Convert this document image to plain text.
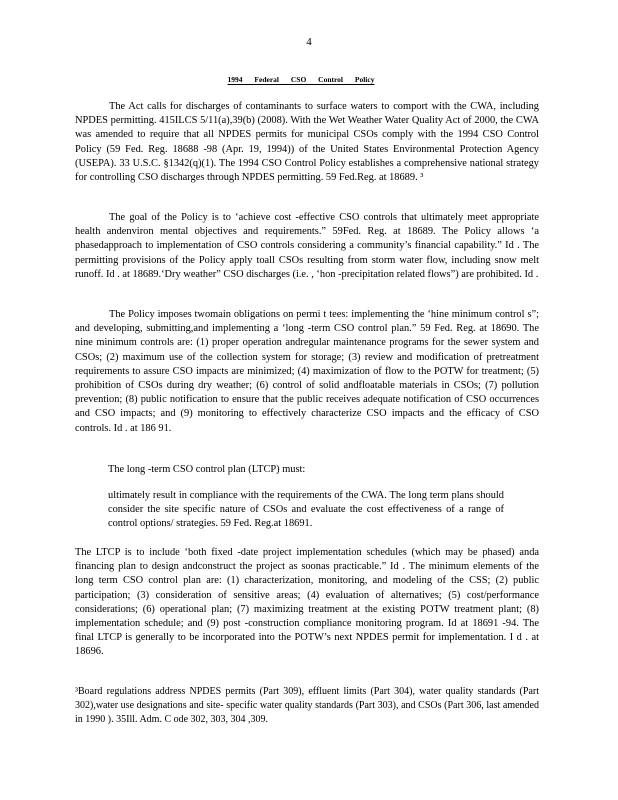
4
1994 Federal CSO Control Policy

The Act calls for discharges of contaminants to surface waters to comport with the CWA, including NPDES permitting. 415ILCS 5/11(a),39(b) (2008). With the Wet Weather Water Quality Act of 2000, the CWA was amended to require that all NPDES permits for municipal CSOs comply with the 1994 CSO Control Policy (59 Fed. Reg. 18688 -98 (Apr. 19, 1994)) of the United States Environmental Protection Agency (USEPA). 33 U.S.C. §1342(q)(1). The 1994 CSO Control Policy establishes a comprehensive national strategy for controlling CSO discharges through NPDES permitting. 59 Fed.Reg. at 18689. ³

The goal of the Policy is to ‘achieve cost -effective CSO controls that ultimately meet appropriate health andenviron mental objectives and requirements.” 59Fed. Reg. at 18689. The Policy allows ‘a phasedapproach to implementation of CSO controls considering a community’s financial capability.” Id . The permitting provisions of the Policy apply toall CSOs resulting from storm water flow, including snow melt runoff. Id . at 18689.‘Dry weather” CSO discharges (i.e. , ‘hon -precipitation related flows”) are prohibited. Id .

The Policy imposes twomain obligations on permi t tees: implementing the ‘hine minimum control s”; and developing, submitting,and implementing a ‘long -term CSO control plan.” 59 Fed. Reg. at 18690. The nine minimum controls are: (1) proper operation andregular maintenance programs for the sewer system and CSOs; (2) maximum use of the collection system for storage; (3) review and modification of pretreatment requirements to assure CSO impacts are minimized; (4) maximization of flow to the POTW for treatment; (5) prohibition of CSOs during dry weather; (6) control of solid andfloatable materials in CSOs; (7) pollution prevention; (8) public notification to ensure that the public receives adequate notification of CSO occurrences and CSO impacts; and (9) monitoring to effectively characterize CSO impacts and the efficacy of CSO controls. Id . at 186 91.

The long -term CSO control plan (LTCP) must:

ultimately result in compliance with the requirements of the CWA. The long term plans should consider the site specific nature of CSOs and evaluate the cost effectiveness of a range of control options/ strategies. 59 Fed. Reg.at 18691.

The LTCP is to include ‘both fixed -date project implementation schedules (which may be phased) anda financing plan to design andconstruct the project as soonas practicable.” Id . The minimum elements of the long term CSO control plan are: (1) characterization, monitoring, and modeling of the CSS; (2) public participation; (3) consideration of sensitive areas; (4) evaluation of alternatives; (5) cost/performance considerations; (6) operational plan; (7) maximizing treatment at the existing POTW treatment plant; (8) implementation schedule; and (9) post -construction compliance monitoring program. Id at 18691 -94. The final LTCP is generally to be incorporated into the POTW’s next NPDES permit for implementation. I d . at 18696.

³Board regulations address NPDES permits (Part 309), effluent limits (Part 304), water quality standards (Part 302),water use designations and site- specific water quality standards (Part 303), and CSOs (Part 306, last amended in 1990 ). 35Ill. Adm. C ode 302, 303, 304 ,309.
